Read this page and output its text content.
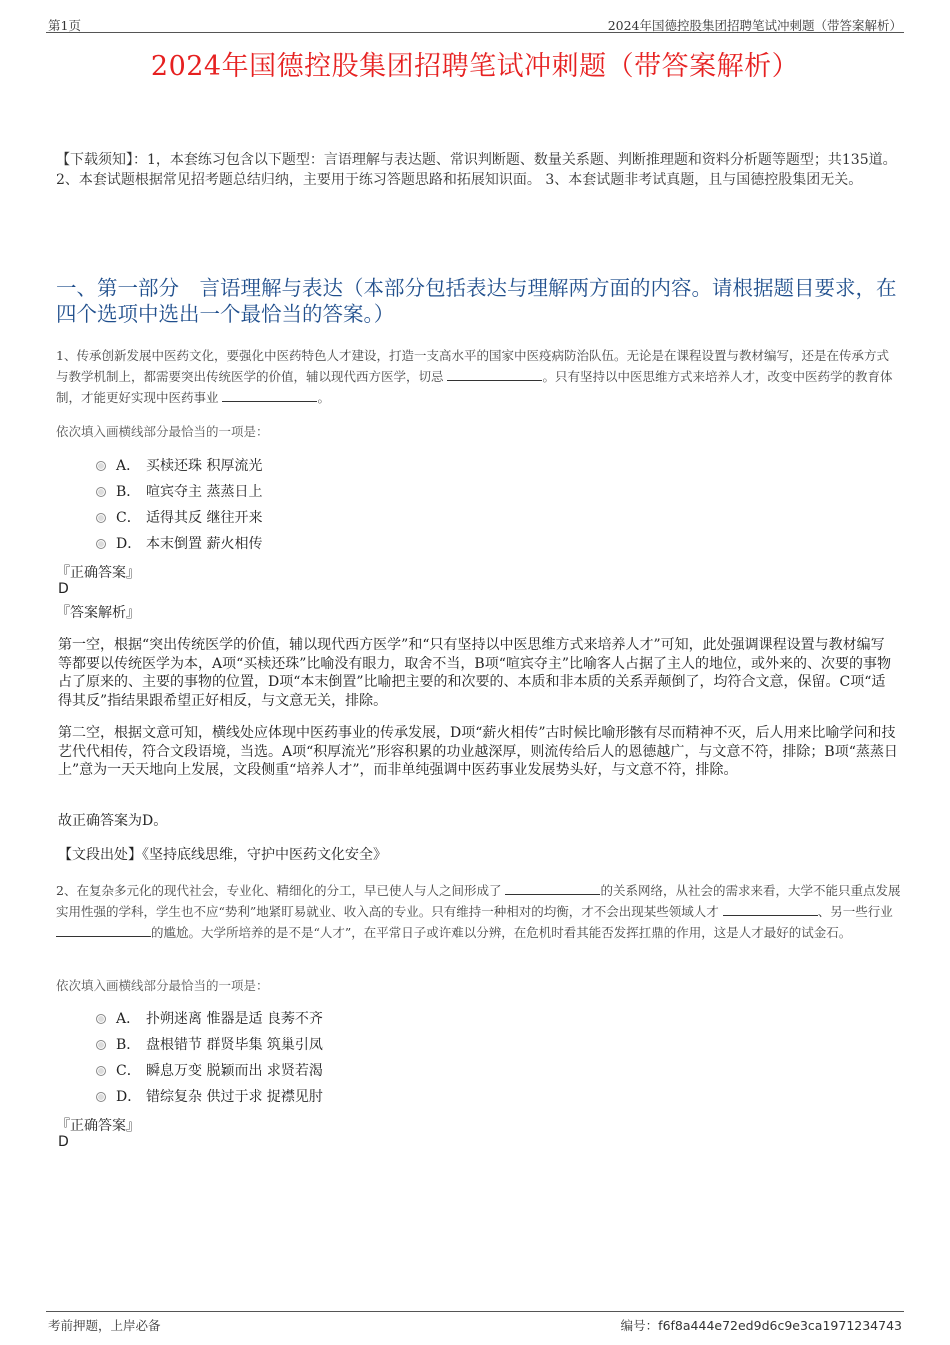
第1页	2024年国德控股集团招聘笔试冲刺题（带答案解析）
2024年国德控股集团招聘笔试冲刺题（带答案解析）
【下载须知】：1，本套练习包含以下题型：言语理解与表达题、常识判断题、数量关系题、判断推理题和资料分析题等题型；共135道。 2、本套试题根据常见招考题总结归纳，主要用于练习答题思路和拓展知识面。 3、本套试题非考试真题，且与国德控股集团无关。
一、第一部分　言语理解与表达（本部分包括表达与理解两方面的内容。请根据题目要求，在四个选项中选出一个最恰当的答案。）
1、传承创新发展中医药文化，要强化中医药特色人才建设，打造一支高水平的国家中医疫病防治队伍。无论是在课程设置与教材编写，还是在传承方式与教学机制上，都需要突出传统医学的价值，辅以现代西方医学，切忌	。只有坚持以中医思维方式来培养人才，改变中医药学的教育体制，才能更好实现中医药事业	。
依次填入画横线部分最恰当的一项是：
A． 买椟还珠 积厚流光
B． 喧宾夺主 蒸蒸日上
C． 适得其反 继往开来
D． 本末倒置 薪火相传
『正确答案』
D
『答案解析』
第一空，根据“突出传统医学的价值，辅以现代西方医学”和“只有坚持以中医思维方式来培养人才”可知，此处强调课程设置与教材编写等都要以传统医学为本，A项“买椟还珠”比喻没有眼力，取舍不当，B项“喧宾夺主”比喻客人占据了主人的地位，或外来的、次要的事物占了原来的、主要的事物的位置，D项“本末倒置”比喻把主要的和次要的、本质和非本质的关系弄颠倒了，均符合文意，保留。C项“适得其反”指结果跟希望正好相反，与文意无关，排除。
第二空，根据文意可知，横线处应体现中医药事业的传承发展，D项“薪火相传”古时候比喻形骸有尽而精神不灭，后人用来比喻学问和技艺代代相传，符合文段语境，当选。A项“积厚流光”形容积累的功业越深厚，则流传给后人的恩德越广，与文意不符，排除；B项“蒸蒸日上”意为一天天地向上发展，文段侧重“培养人才”，而非单纯强调中医药事业发展势头好，与文意不符，排除。
故正确答案为D。
【文段出处】《坚持底线思维，守护中医药文化安全》
2、在复杂多元化的现代社会，专业化、精细化的分工，早已使人与人之间形成了	的关系网络，从社会的需求来看，大学不能只重点发展实用性强的学科，学生也不应“势利”地紧盯易就业、收入高的专业。只有维持一种相对的均衡，才不会出现某些领域人才	、另一些行业 的尴尬。大学所培养的是不是“人才”，在平常日子或许难以分辨，在危机时看其能否发挥扛鼎的作用，这是人才最好的试金石。
依次填入画横线部分最恰当的一项是：
A． 扑朔迷离 惟器是适 良莠不齐
B． 盘根错节 群贤毕集 筑巢引凤
C． 瞬息万变 脱颖而出 求贤若渴
D． 错综复杂 供过于求 捉襟见肘
『正确答案』
D
考前押题，上岸必备	编号：f6f8a444e72ed9d6c9e3ca1971234743
